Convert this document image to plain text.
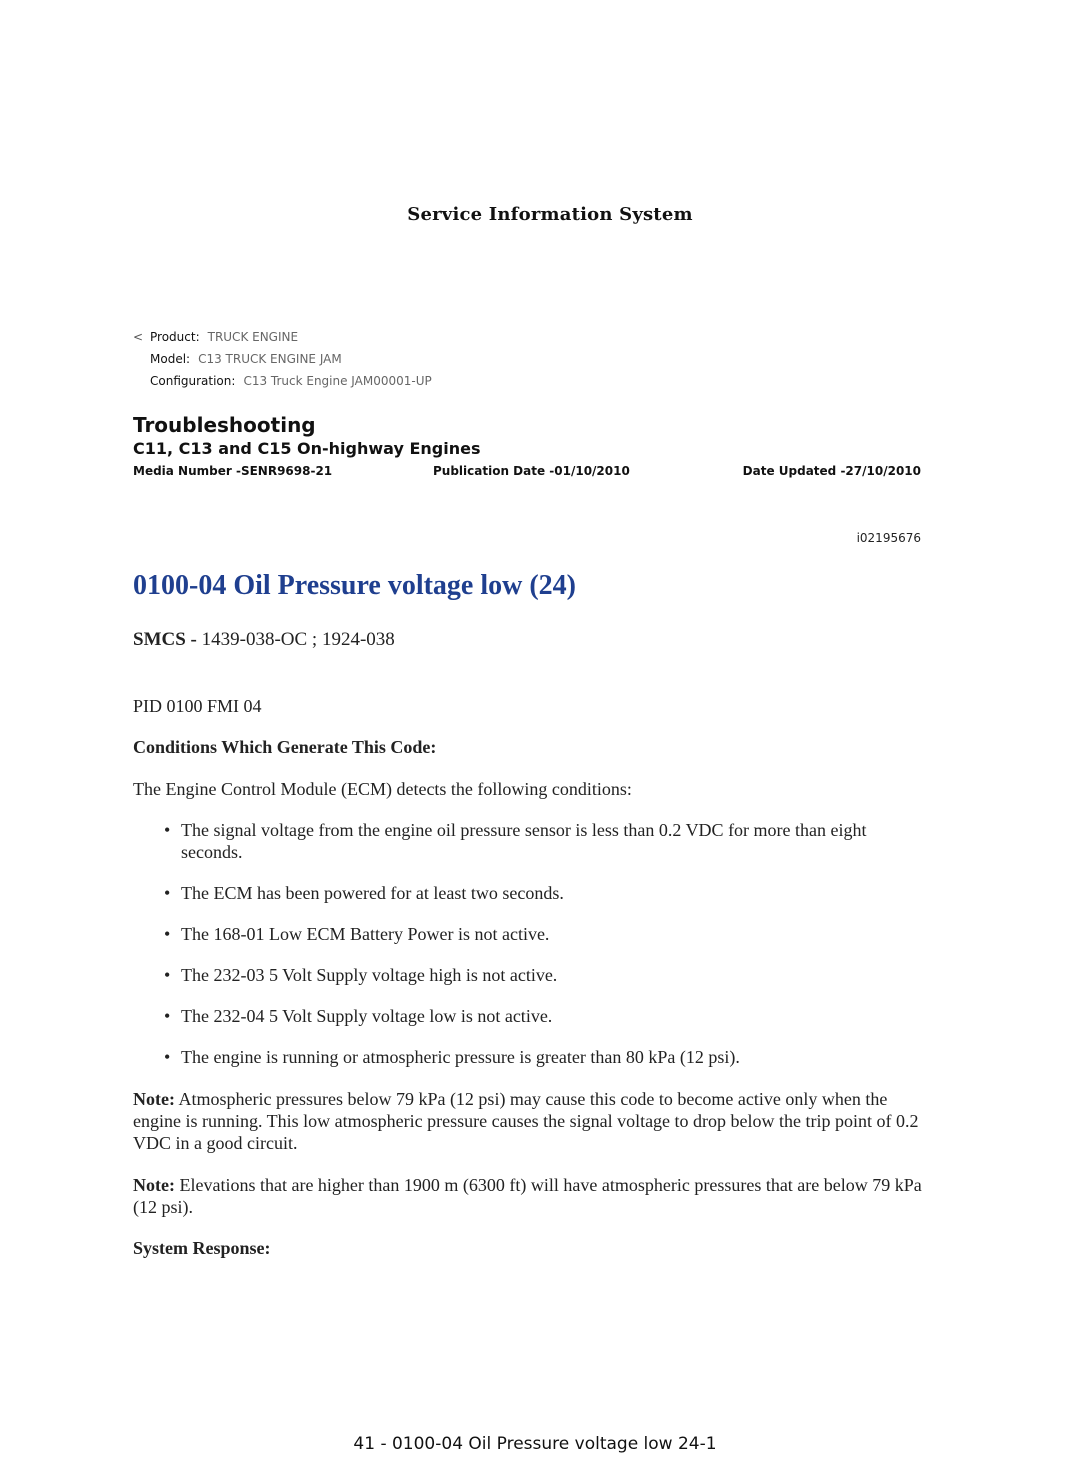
Service Information System
< Product: TRUCK ENGINE
Model: C13 TRUCK ENGINE JAM
Configuration: C13 Truck Engine JAM00001-UP
Troubleshooting
C11, C13 and C15 On-highway Engines
Media Number -SENR9698-21	Publication Date -01/10/2010	Date Updated -27/10/2010
i02195676
0100-04 Oil Pressure voltage low (24)
SMCS - 1439-038-OC ; 1924-038
PID 0100 FMI 04
Conditions Which Generate This Code:
The Engine Control Module (ECM) detects the following conditions:
• The signal voltage from the engine oil pressure sensor is less than 0.2 VDC for more than eight seconds.
• The ECM has been powered for at least two seconds.
• The 168-01 Low ECM Battery Power is not active.
• The 232-03 5 Volt Supply voltage high is not active.
• The 232-04 5 Volt Supply voltage low is not active.
• The engine is running or atmospheric pressure is greater than 80 kPa (12 psi).
Note: Atmospheric pressures below 79 kPa (12 psi) may cause this code to become active only when the engine is running. This low atmospheric pressure causes the signal voltage to drop below the trip point of 0.2 VDC in a good circuit.
Note: Elevations that are higher than 1900 m (6300 ft) will have atmospheric pressures that are below 79 kPa (12 psi).
System Response:
41 - 0100-04 Oil Pressure voltage low 24-1
